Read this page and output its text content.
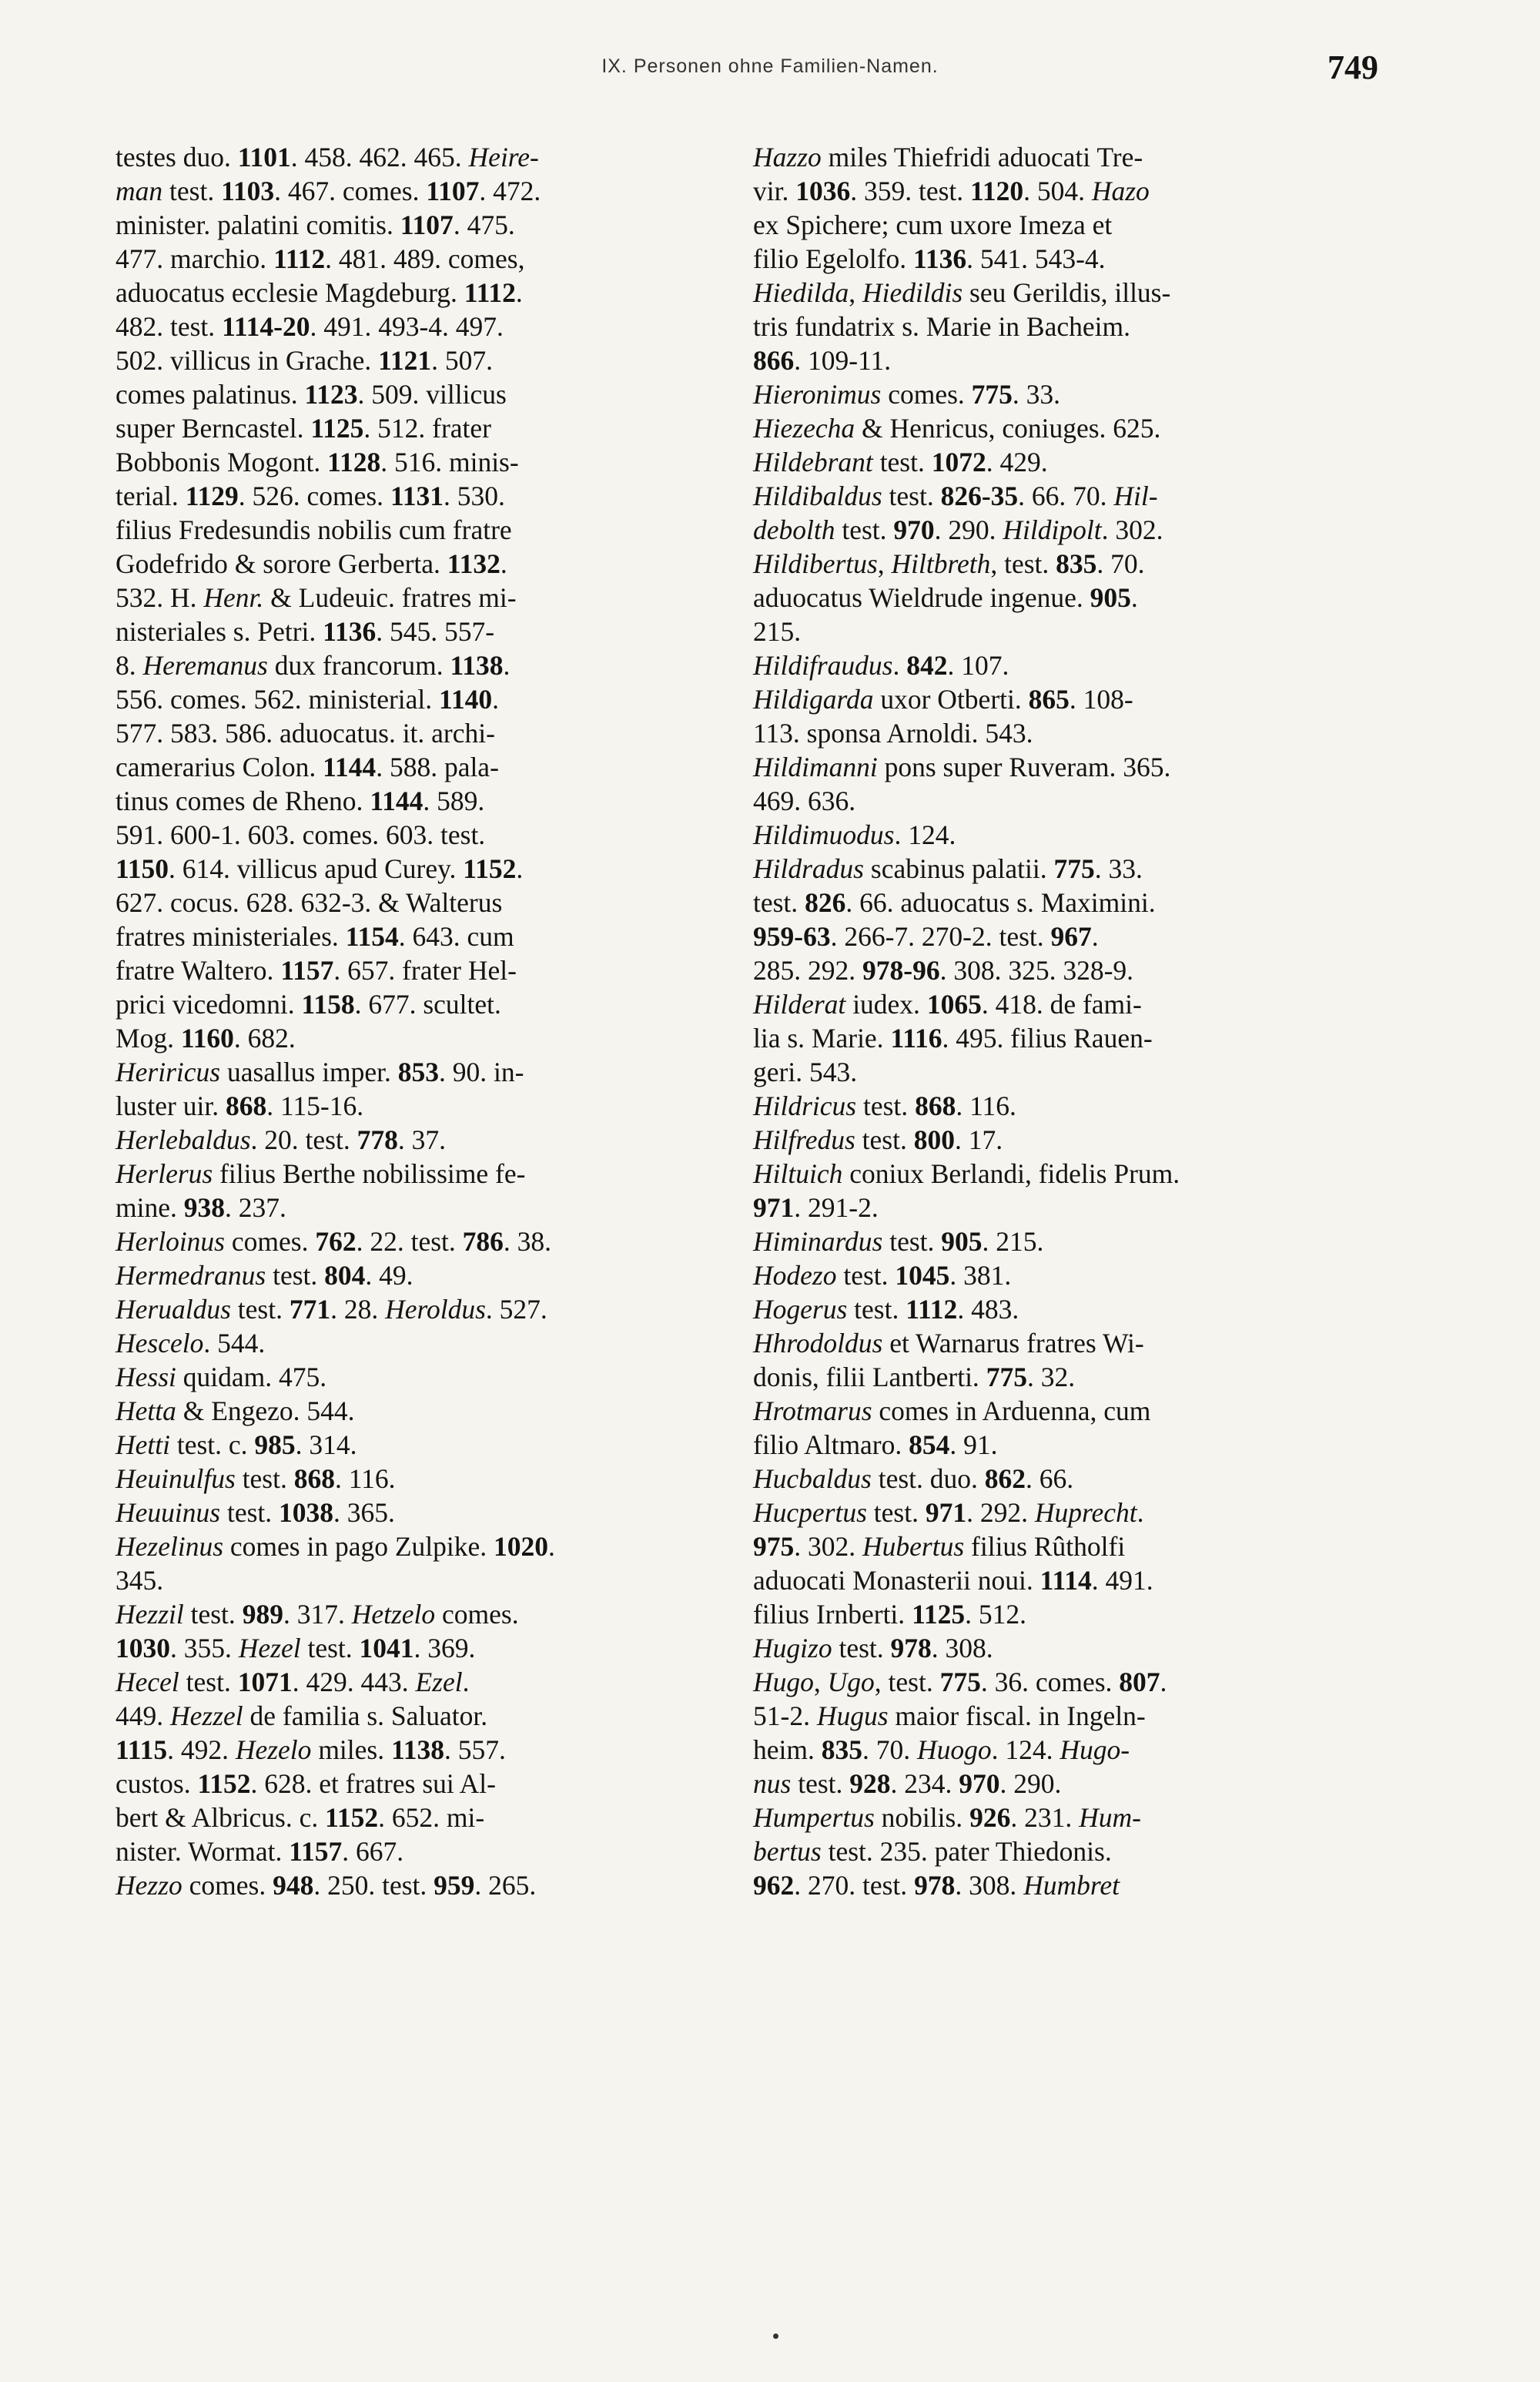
IX. Personen ohne Familien-Namen.	749
testes duo. 1101. 458. 462. 465. Heire-
man test. 1103. 467. comes. 1107. 472.
minister. palatini comitis. 1107. 475.
477. marchio. 1112. 481. 489. comes,
aduocatus ecclesie Magdeburg. 1112.
482. test. 1114-20. 491. 493-4. 497.
502. villicus in Grache. 1121. 507.
comes palatinus. 1123. 509. villicus
super Berncastel. 1125. 512. frater
Bobbonis Mogont. 1128. 516. minis-
terial. 1129. 526. comes. 1131. 530.
filius Fredesundis nobilis cum fratre
Godefrido & sorore Gerberta. 1132.
532. H. Henr. & Ludeuic. fratres mi-
nisteriales s. Petri. 1136. 545. 557-
8. Heremanus dux francorum. 1138.
556. comes. 562. ministerial. 1140.
577. 583. 586. aduocatus. it. archi-
camerarius Colon. 1144. 588. pala-
tinus comes de Rheno. 1144. 589.
591. 600-1. 603. comes. 603. test.
1150. 614. villicus apud Curey. 1152.
627. cocus. 628. 632-3. & Walterus
fratres ministeriales. 1154. 643. cum
fratre Waltero. 1157. 657. frater Hel-
prici vicedomni. 1158. 677. scultet.
Mog. 1160. 682.
Heriricus uasallus imper. 853. 90. in-
luster uir. 868. 115-16.
Herlebaldus. 20. test. 778. 37.
Herlerus filius Berthe nobilissime fe-
mine. 938. 237.
Herloinus comes. 762. 22. test. 786. 38.
Hermedranus test. 804. 49.
Herualdus test. 771. 28. Heroldus. 527.
Hescelo. 544.
Hessi quidam. 475.
Hetta & Engezo. 544.
Hetti test. c. 985. 314.
Heuinulfus test. 868. 116.
Heuuinus test. 1038. 365.
Hezelinus comes in pago Zulpike. 1020.
345.
Hezzil test. 989. 317. Hetzelo comes.
1030. 355. Hezel test. 1041. 369.
Hecel test. 1071. 429. 443. Ezel.
449. Hezzel de familia s. Saluator.
1115. 492. Hezelo miles. 1138. 557.
custos. 1152. 628. et fratres sui Al-
bert & Albricus. c. 1152. 652. mi-
nister. Wormat. 1157. 667.
Hezzo comes. 948. 250. test. 959. 265.
Hazzo miles Thiefridi aduocati Tre-
vir. 1036. 359. test. 1120. 504. Hazo
ex Spichere; cum uxore Imeza et
filio Egelolfo. 1136. 541. 543-4.
Hiedilda, Hiedildis seu Gerildis, illus-
tris fundatrix s. Marie in Bacheim.
866. 109-11.
Hieronimus comes. 775. 33.
Hiezecha & Henricus, coniuges. 625.
Hildebrant test. 1072. 429.
Hildibaldus test. 826-35. 66. 70. Hil-
debolth test. 970. 290. Hildipolt. 302.
Hildibertus, Hiltbreth, test. 835. 70.
aduocatus Wieldrude ingenue. 905.
215.
Hildifraudus. 842. 107.
Hildigarda uxor Otberti. 865. 108-
113. sponsa Arnoldi. 543.
Hildimanni pons super Ruveram. 365.
469. 636.
Hildimuodus. 124.
Hildradus scabinus palatii. 775. 33.
test. 826. 66. aduocatus s. Maximini.
959-63. 266-7. 270-2. test. 967.
285. 292. 978-96. 308. 325. 328-9.
Hilderat iudex. 1065. 418. de fami-
lia s. Marie. 1116. 495. filius Rauen-
geri. 543.
Hildricus test. 868. 116.
Hilfredus test. 800. 17.
Hiltuich coniux Berlandi, fidelis Prum.
971. 291-2.
Himinardus test. 905. 215.
Hodezo test. 1045. 381.
Hogerus test. 1112. 483.
Hhrodoldus et Warnarus fratres Wi-
donis, filii Lantberti. 775. 32.
Hrotmarus comes in Arduenna, cum
filio Altmaro. 854. 91.
Hucbaldus test. duo. 862. 66.
Hucpertus test. 971. 292. Huprecht.
975. 302. Hubertus filius Rûtholfi
aduocati Monasterii noui. 1114. 491.
filius Irnberti. 1125. 512.
Hugizo test. 978. 308.
Hugo, Ugo, test. 775. 36. comes. 807.
51-2. Hugus maior fiscal. in Ingeln-
heim. 835. 70. Huogo. 124. Hugo-
nus test. 928. 234. 970. 290.
Humpertus nobilis. 926. 231. Hum-
bertus test. 235. pater Thiedonis.
962. 270. test. 978. 308. Humbret
